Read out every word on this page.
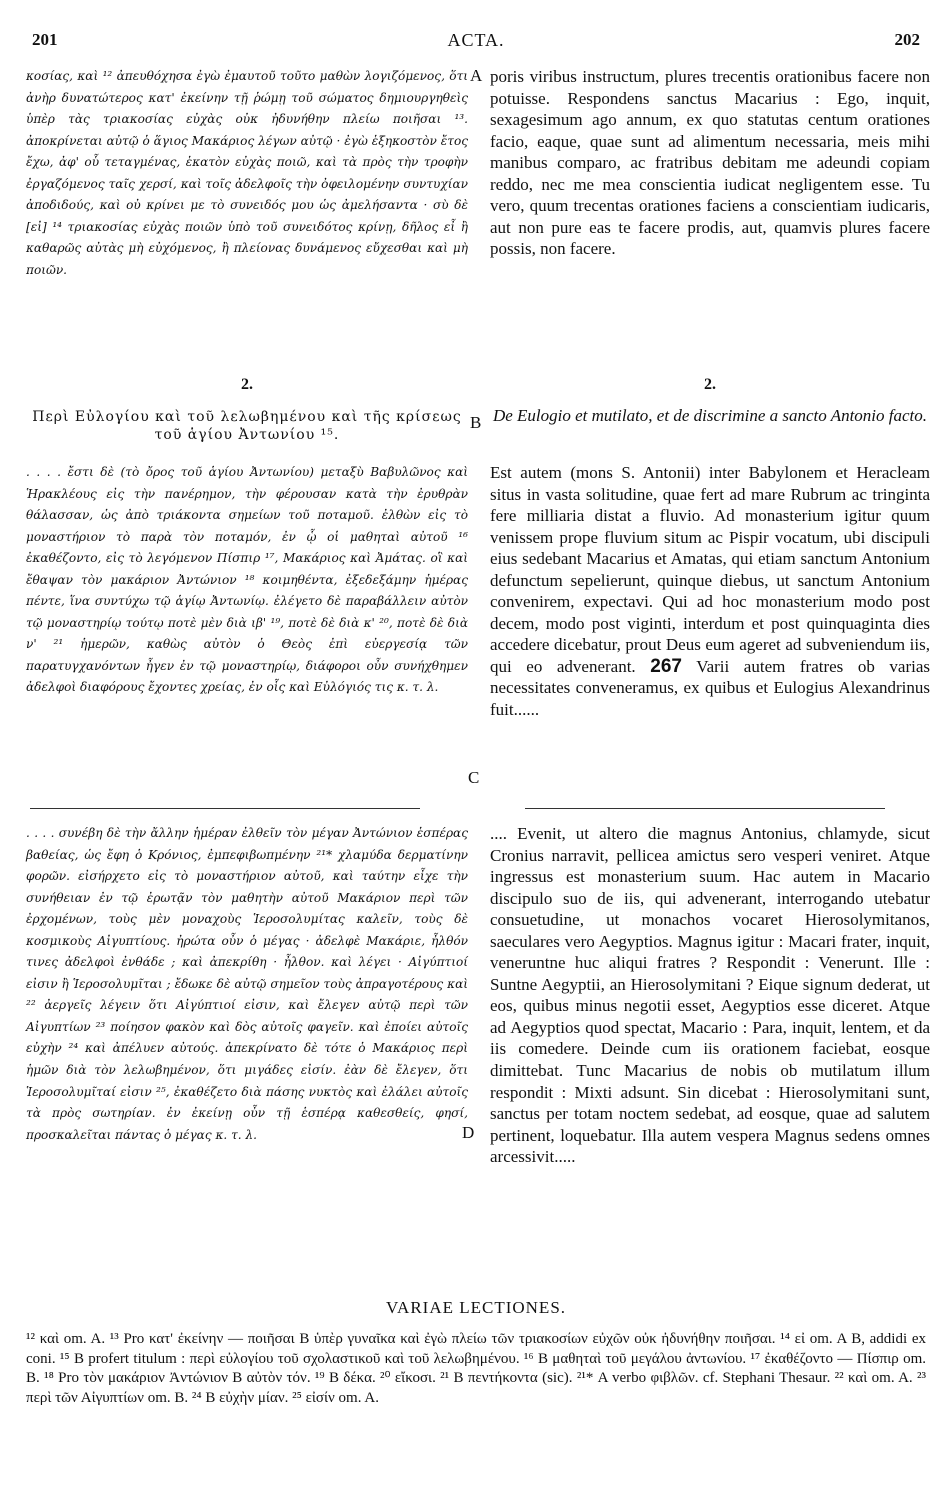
201	ACTA.	202

κοσίας, καὶ ¹² ἀπευθόχησα ἐγὼ ἐμαυτοῦ τοῦτο μαθὼν λογιζόμενος, ὅτι ἀνὴρ δυνατώτερος κατ' ἐκείνην τῇ ῥώμῃ τοῦ σώματος δημιουργηθεὶς ὑπὲρ τὰς τριακοσίας εὐχὰς οὐκ ἠδυνήθην πλείω ποιῆσαι ¹³. ἀποκρίνεται αὐτῷ ὁ ἅγιος Μακάριος λέγων αὐτῷ · ἐγὼ ἑξηκοστὸν ἔτος ἔχω, ἀφ' οὗ τεταγμένας, ἑκατὸν εὐχὰς ποιῶ, καὶ τὰ πρὸς τὴν τροφὴν ἐργαζόμενος ταῖς χερσί, καὶ τοῖς ἀδελφοῖς τὴν ὀφειλομένην συντυχίαν ἀποδιδούς, καὶ οὐ κρίνει με τὸ συνειδός μου ὡς ἀμελήσαντα · σὺ δὲ [εἰ] ¹⁴ τριακοσίας εὐχὰς ποιῶν ὑπὸ τοῦ συνειδότος κρίνῃ, δῆλος εἶ ἢ καθαρῶς αὐτὰς μὴ εὐχόμενος, ἢ πλείονας δυνάμενος εὔχεσθαι καὶ μὴ ποιῶν.

A poris viribus instructum, plures trecentis orationibus facere non potuisse. Respondens sanctus Macarius : Ego, inquit, sexagesimum ago annum, ex quo statutas centum orationes facio, eaque, quae sunt ad alimentum necessaria, meis mihi manibus comparo, ac fratribus debitam me adeundi copiam reddo, nec me mea conscientia iudicat negligentem esse. Tu vero, quum trecentas orationes faciens a conscientiam iudicaris, aut non pure eas te facere prodis, aut, quamvis plures facere possis, non facere.

2.	2.
Περὶ Εὐλογίου καὶ τοῦ λελωβημένου καὶ τῆς κρίσεως τοῦ ἁγίου Ἀντωνίου ¹⁵.
B De Eulogio et mutilato, et de discrimine a sancto Antonio facto.

. . . . ἔστι δὲ (τὸ ὄρος τοῦ ἁγίου Ἀντωνίου) μεταξὺ Βαβυλῶνος καὶ Ἡρακλέους εἰς τὴν πανέρημον, τὴν φέρουσαν κατὰ τὴν ἐρυθρὰν θάλασσαν, ὡς ἀπὸ τριάκοντα σημείων τοῦ ποταμοῦ. ἐλθὼν εἰς τὸ μοναστήριον τὸ παρὰ τὸν ποταμόν, ἐν ᾧ οἱ μαθηταὶ αὐτοῦ ¹⁶ ἐκαθέζοντο, εἰς τὸ λεγόμενον Πίσπιρ ¹⁷, Μακάριος καὶ Ἀμάτας. οἳ καὶ ἔθαψαν τὸν μακάριον Ἀντώνιον ¹⁸ κοιμηθέντα, ἐξεδεξάμην ἡμέρας πέντε, ἵνα συντύχω τῷ ἁγίῳ Ἀντωνίῳ. ἐλέγετο δὲ παραβάλλειν αὐτὸν τῷ μοναστηρίῳ τούτῳ ποτὲ μὲν διὰ ιβ' ¹⁹, ποτὲ δὲ διὰ κ' ²⁰, ποτὲ δὲ διὰ ν' ²¹ ἡμερῶν, καθὼς αὐτὸν ὁ Θεὸς ἐπὶ εὐεργεσίᾳ τῶν παρατυγχανόντων ἦγεν ἐν τῷ μοναστηρίῳ, διάφοροι οὖν συνήχθημεν ἀδελφοὶ διαφόρους ἔχοντες χρείας, ἐν οἷς καὶ Εὐλόγιός τις κ. τ. λ.

C

Est autem (mons S. Antonii) inter Babylonem et Heracleam situs in vasta solitudine, quae fert ad mare Rubrum ac tringinta fere milliaria distat a fluvio. Ad monasterium igitur quum venissem prope fluvium situm ac Pispir vocatum, ubi discipuli eius sedebant Macarius et Amatas, qui etiam sanctum Antonium defunctum sepelierunt, quinque diebus, ut sanctum Antonium convenirem, expectavi. Qui ad hoc monasterium modo post decem, modo post viginti, interdum et post quinquaginta dies accedere dicebatur, prout Deus eum ageret ad subveniendum iis, qui eo advenerant. 267 Varii autem fratres ob varias necessitates conveneramus, ex quibus et Eulogius Alexandrinus fuit......

. . . . συνέβη δὲ τὴν ἄλλην ἡμέραν ἐλθεῖν τὸν μέγαν Ἀντώνιον ἑσπέρας βαθείας, ὡς ἔφη ὁ Κρόνιος, ἐμπεφιβωπμένην ²¹* χλαμύδα δερματίνην φορῶν. εἰσήρχετο εἰς τὸ μοναστήριον αὐτοῦ, καὶ ταύτην εἶχε τὴν συνήθειαν ἐν τῷ ἐρωτᾷν τὸν μαθητὴν αὐτοῦ Μακάριον περὶ τῶν ἐρχομένων, τοὺς μὲν μοναχοὺς Ἱεροσολυμίτας καλεῖν, τοὺς δὲ κοσμικοὺς Αἰγυπτίους. ἠρώτα οὖν ὁ μέγας · ἀδελφὲ Μακάριε, ἦλθόν τινες ἀδελφοὶ ἐνθάδε ; καὶ ἀπεκρίθη · ἦλθον. καὶ λέγει · Αἰγύπτιοί εἰσιν ἢ Ἱεροσολυμῖται ; ἔδωκε δὲ αὐτῷ σημεῖον τοὺς ἀπραγοτέρους καὶ ²² ἀεργεῖς λέγειν ὅτι Αἰγύπτιοί εἰσιν, καὶ ἔλεγεν αὐτῷ περὶ τῶν Αἰγυπτίων ²³ ποίησον φακὸν καὶ δὸς αὐτοῖς φαγεῖν. καὶ ἐποίει αὐτοῖς εὐχὴν ²⁴ καὶ ἀπέλυεν αὐτούς. ἀπεκρίνατο δὲ τότε ὁ Μακάριος περὶ ἡμῶν διὰ τὸν λελωβημένον, ὅτι μιγάδες εἰσίν. ἐὰν δὲ ἔλεγεν, ὅτι Ἱεροσολυμῖταί εἰσιν ²⁵, ἐκαθέζετο διὰ πάσης νυκτὸς καὶ ἐλάλει αὐτοῖς τὰ πρὸς σωτηρίαν. ἐν ἐκείνῃ οὖν τῇ ἑσπέρᾳ καθεσθείς, φησί, προσκαλεῖται πάντας ὁ μέγας κ. τ. λ.	D

.... Evenit, ut altero die magnus Antonius, chlamyde, sicut Cronius narravit, pellicea amictus sero vesperi veniret. Atque ingressus est monasterium suum. Hac autem in Macario discipulo suo de iis, qui advenerant, interrogando utebatur consuetudine, ut monachos vocaret Hierosolymitanos, saeculares vero Aegyptios. Magnus igitur : Macari frater, inquit, veneruntne huc aliqui fratres ? Respondit : Venerunt. Ille : Suntne Aegyptii, an Hierosolymitani ? Eique signum dederat, ut eos, quibus minus negotii esset, Aegyptios esse diceret. Atque ad Aegyptios quod spectat, Macario : Para, inquit, lentem, et da iis comedere. Deinde cum iis orationem faciebat, eosque dimittebat. Tunc Macarius de nobis ob mutilatum illum respondit : Mixti adsunt. Sin dicebat : Hierosolymitani sunt, sanctus per totam noctem sedebat, ad eosque, quae ad salutem pertinent, loquebatur. Illa autem vespera Magnus sedens omnes arcessivit.....

VARIAE LECTIONES.
¹² καὶ om. A. ¹³ Pro κατ' ἐκείνην — ποιῆσαι B ὑπὲρ γυναῖκα καὶ ἐγὼ πλείω τῶν τριακοσίων εὐχῶν οὐκ ἠδυνήθην ποιῆσαι. ¹⁴ εἰ om. A B, addidi ex coni. ¹⁵ B profert titulum : περὶ εὐλογίου τοῦ σχολαστικοῦ καὶ τοῦ λελωβημένου. ¹⁶ B μαθηταὶ τοῦ μεγάλου ἀντωνίου. ¹⁷ ἐκαθέζοντο — Πίσπιρ om. B. ¹⁸ Pro τὸν μακάριον Ἀντώνιον B αὐτὸν τόν. ¹⁹ B δέκα. ²⁰ εἴκοσι. ²¹ B πεντήκοντα (sic). ²¹* A verbo φιβλῶν. cf. Stephani Thesaur. ²² καὶ om. A. ²³ περὶ τῶν Αἰγυπτίων om. B. ²⁴ B εὐχὴν μίαν. ²⁵ εἰσίν om. A.
